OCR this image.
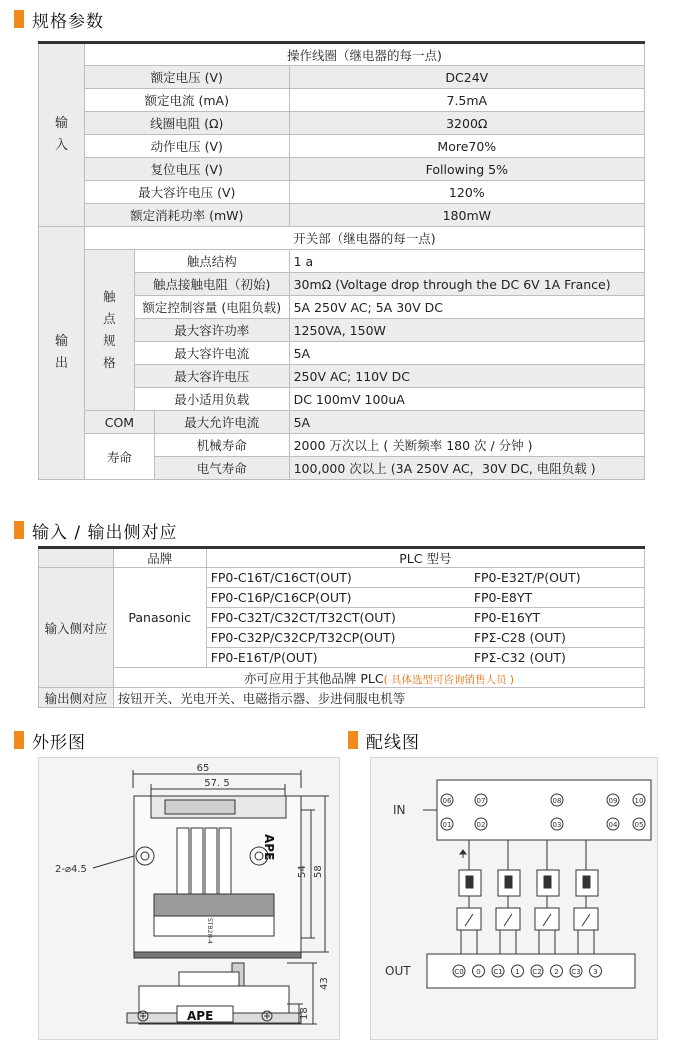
规格参数
输
入	操作线圈（继电器的每一点)			
	额定电压 (V)			DC24V
	额定电流 (mA)			7.5mA
	线圈电阻 (Ω)			3200Ω
	动作电压 (V)			More70%
	复位电压 (V)			Following 5%
	最大容许电压 (V)			120%
	额定消耗功率 (mW)			180mW
输
出	开关部（继电器的每一点)			
	触
点
规
格	触点结构		1 a
		触点接触电阻（初始)		30mΩ (Voltage drop through the DC 6V 1A France)
		额定控制容量 (电阻负载)		5A 250V AC; 5A 30V DC
		最大容许功率		1250VA, 150W
		最大容许电流		5A
		最大容许电压		250V AC; 110V DC
		最小适用负载		DC 100mV 100uA
	COM		最大允许电流	5A
	寿命		机械寿命	2000 万次以上 ( 关断频率 180 次 / 分钟 )
			电气寿命	100,000 次以上 (3A 250V AC，30V DC, 电阻负载 )
输入 / 输出侧对应
	品牌	PLC 型号	
输入侧对应	Panasonic	FP0-C16T/C16CT(OUT)	FP0-E32T/P(OUT)
		FP0-C16P/C16CP(OUT)	FP0-E8YT
		FP0-C32T/C32CT/T32CT(OUT)	FP0-E16YT
		FP0-C32P/C32CP/T32CP(OUT)	FPΣ-C28 (OUT)
		FP0-E16T/P(OUT)	FPΣ-C32 (OUT)
	亦可应用于其他品牌 PLC( 具体选型可咨询销售人员 )		
输出侧对应	按钮开关、光电开关、电磁指示器、步进伺服电机等		
外形图	配线图
65
57. 5
54 58
2-⌀4.5
APE
STB2H-4
APE
43
18
IN
OUT
06	07	08	09 10
01	02	03	04 05
C0 0 C1 1 C2 2 C3 3
